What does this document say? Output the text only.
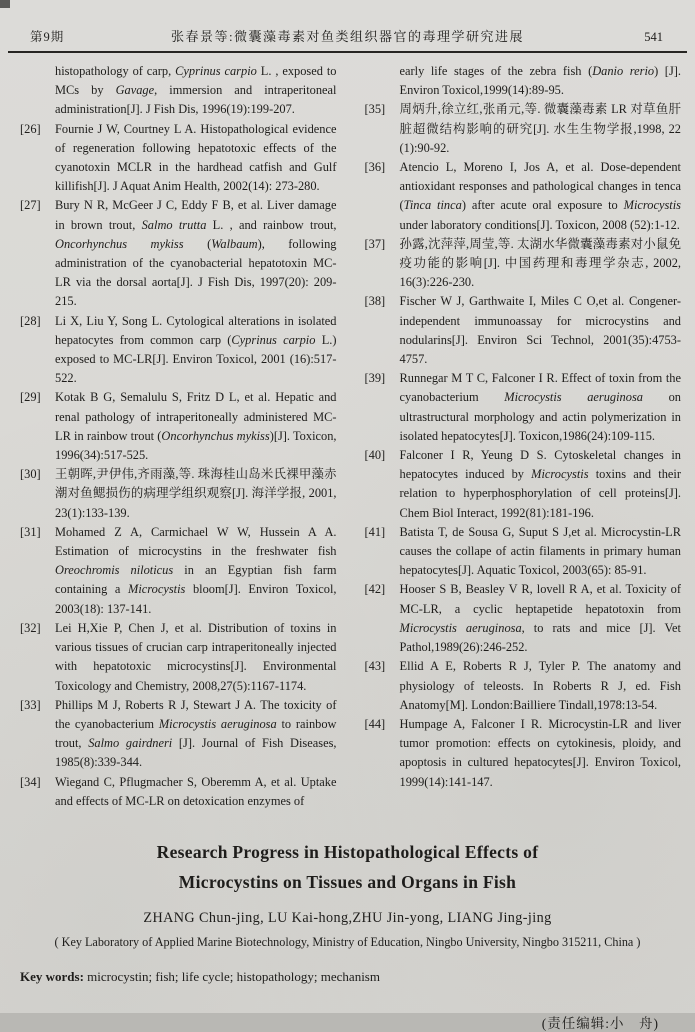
第9期	张春景等:微囊藻毒素对鱼类组织器官的毒理学研究进展	541
histopathology of carp, Cyprinus carpio L. , exposed to MCs by Gavage, immersion and intraperitoneal administration[J]. J Fish Dis, 1996(19):199-207.
[26]	Fournie J W, Courtney L A. Histopathological evidence of regeneration following hepatotoxic effects of the cyanotoxin MCLR in the hardhead catfish and Gulf killifish[J]. J Aquat Anim Health, 2002(14): 273-280.
[27]	Bury N R, McGeer J C, Eddy F B, et al. Liver damage in brown trout, Salmo trutta L. , and rainbow trout, Oncorhynchus mykiss (Walbaum), following administration of the cyanobacterial hepatotoxin MC-LR via the dorsal aorta[J]. J Fish Dis, 1997(20): 209-215.
[28]	Li X, Liu Y, Song L. Cytological alterations in isolated hepatocytes from common carp (Cyprinus carpio L.) exposed to MC-LR[J]. Environ Toxicol, 2001 (16):517-522.
[29]	Kotak B G, Semalulu S, Fritz D L, et al. Hepatic and renal pathology of intraperitoneally administered MC-LR in rainbow trout (Oncorhynchus mykiss)[J]. Toxicon, 1996(34):517-525.
[30]	王朝晖,尹伊伟,齐雨藻,等. 珠海桂山岛米氏裸甲藻赤潮对鱼鳃损伤的病理学组织观察[J]. 海洋学报, 2001, 23(1):133-139.
[31]	Mohamed Z A, Carmichael W W, Hussein A A. Estimation of microcystins in the freshwater fish Oreochromis niloticus in an Egyptian fish farm containing a Microcystis bloom[J]. Environ Toxicol, 2003(18): 137-141.
[32]	Lei H,Xie P, Chen J, et al. Distribution of toxins in various tissues of crucian carp intraperitoneally injected with hepatotoxic microcystins[J]. Environmental Toxicology and Chemistry, 2008,27(5):1167-1174.
[33]	Phillips M J, Roberts R J, Stewart J A. The toxicity of the cyanobacterium Microcystis aeruginosa to rainbow trout, Salmo gairdneri [J]. Journal of Fish Diseases, 1985(8):339-344.
[34]	Wiegand C, Pflugmacher S, Oberemm A, et al. Uptake and effects of MC-LR on detoxication enzymes of
early life stages of the zebra fish (Danio rerio) [J]. Environ Toxicol,1999(14):89-95.
[35]	周炳升,徐立红,张甬元,等. 微囊藻毒素 LR 对草鱼肝脏超微结构影响的研究[J]. 水生生物学报,1998, 22 (1):90-92.
[36]	Atencio L, Moreno I, Jos A, et al. Dose-dependent antioxidant responses and pathological changes in tenca (Tinca tinca) after acute oral exposure to Microcystis under laboratory conditions[J]. Toxicon, 2008 (52):1-12.
[37]	孙露,沈萍萍,周莹,等. 太湖水华微囊藻毒素对小鼠免疫功能的影响[J]. 中国药理和毒理学杂志, 2002, 16(3):226-230.
[38]	Fischer W J, Garthwaite I, Miles C O,et al. Congener-independent immunoassay for microcystins and nodularins[J]. Environ Sci Technol, 2001(35):4753-4757.
[39]	Runnegar M T C, Falconer I R. Effect of toxin from the cyanobacterium Microcystis aeruginosa on ultrastructural morphology and actin polymerization in isolated hepatocytes[J]. Toxicon,1986(24):109-115.
[40]	Falconer I R, Yeung D S. Cytoskeletal changes in hepatocytes induced by Microcystis toxins and their relation to hyperphosphorylation of cell proteins[J]. Chem Biol Interact, 1992(81):181-196.
[41]	Batista T, de Sousa G, Suput S J,et al. Microcystin-LR causes the collape of actin filaments in primary human hepatocytes[J]. Aquatic Toxicol, 2003(65): 85-91.
[42]	Hooser S B, Beasley V R, lovell R A, et al. Toxicity of MC-LR, a cyclic heptapetide hepatotoxin from Microcystis aeruginosa, to rats and mice [J]. Vet Pathol,1989(26):246-252.
[43]	Ellid A E, Roberts R J, Tyler P. The anatomy and physiology of teleosts. In Roberts R J, ed. Fish Anatomy[M]. London:Bailliere Tindall,1978:13-54.
[44]	Humpage A, Falconer I R. Microcystin-LR and liver tumor promotion: effects on cytokinesis, ploidy, and apoptosis in cultured hepatocytes[J]. Environ Toxicol, 1999(14):141-147.
Research Progress in Histopathological Effects of
Microcystins on Tissues and Organs in Fish
ZHANG Chun-jing, LU Kai-hong,ZHU Jin-yong, LIANG Jing-jing
( Key Laboratory of Applied Marine Biotechnology, Ministry of Education, Ningbo University, Ningbo 315211, China )
Key words: microcystin; fish; life cycle; histopathology; mechanism
(责任编辑:小　舟)
